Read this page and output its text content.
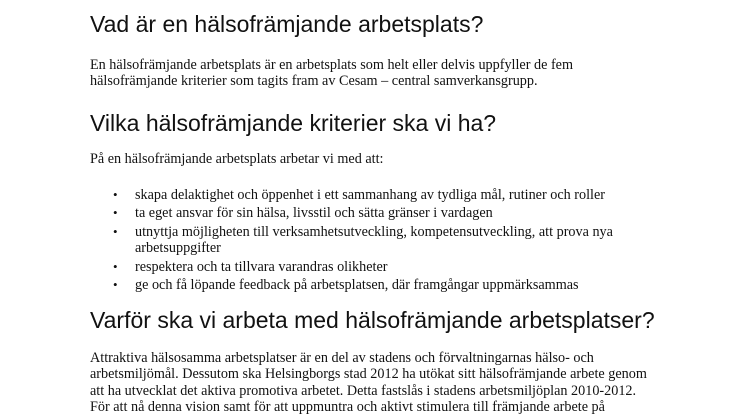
Vad är en hälsofrämjande arbetsplats?

En hälsofrämjande arbetsplats är en arbetsplats som helt eller delvis uppfyller de fem
hälsofrämjande kriterier som tagits fram av Cesam – central samverkansgrupp.

Vilka hälsofrämjande kriterier ska vi ha?

På en hälsofrämjande arbetsplats arbetar vi med att:

•	skapa delaktighet och öppenhet i ett sammanhang av tydliga mål, rutiner och roller
•	ta eget ansvar för sin hälsa, livsstil och sätta gränser i vardagen
•	utnyttja möjligheten till verksamhetsutveckling, kompetensutveckling, att prova nya
arbetsuppgifter
•	respektera och ta tillvara varandras olikheter
•	ge och få löpande feedback på arbetsplatsen, där framgångar uppmärksammas
Varför ska vi arbeta med hälsofrämjande arbetsplatser?

Attraktiva hälsosamma arbetsplatser är en del av stadens och förvaltningarnas hälso- och
arbetsmiljömål. Dessutom ska Helsingborgs stad 2012 ha utökat sitt hälsofrämjande arbete genom
att ha utvecklat det aktiva promotiva arbetet. Detta fastslås i stadens arbetsmiljöplan 2010-2012.
För att nå denna vision samt för att uppmuntra och aktivt stimulera till främjande arbete på
